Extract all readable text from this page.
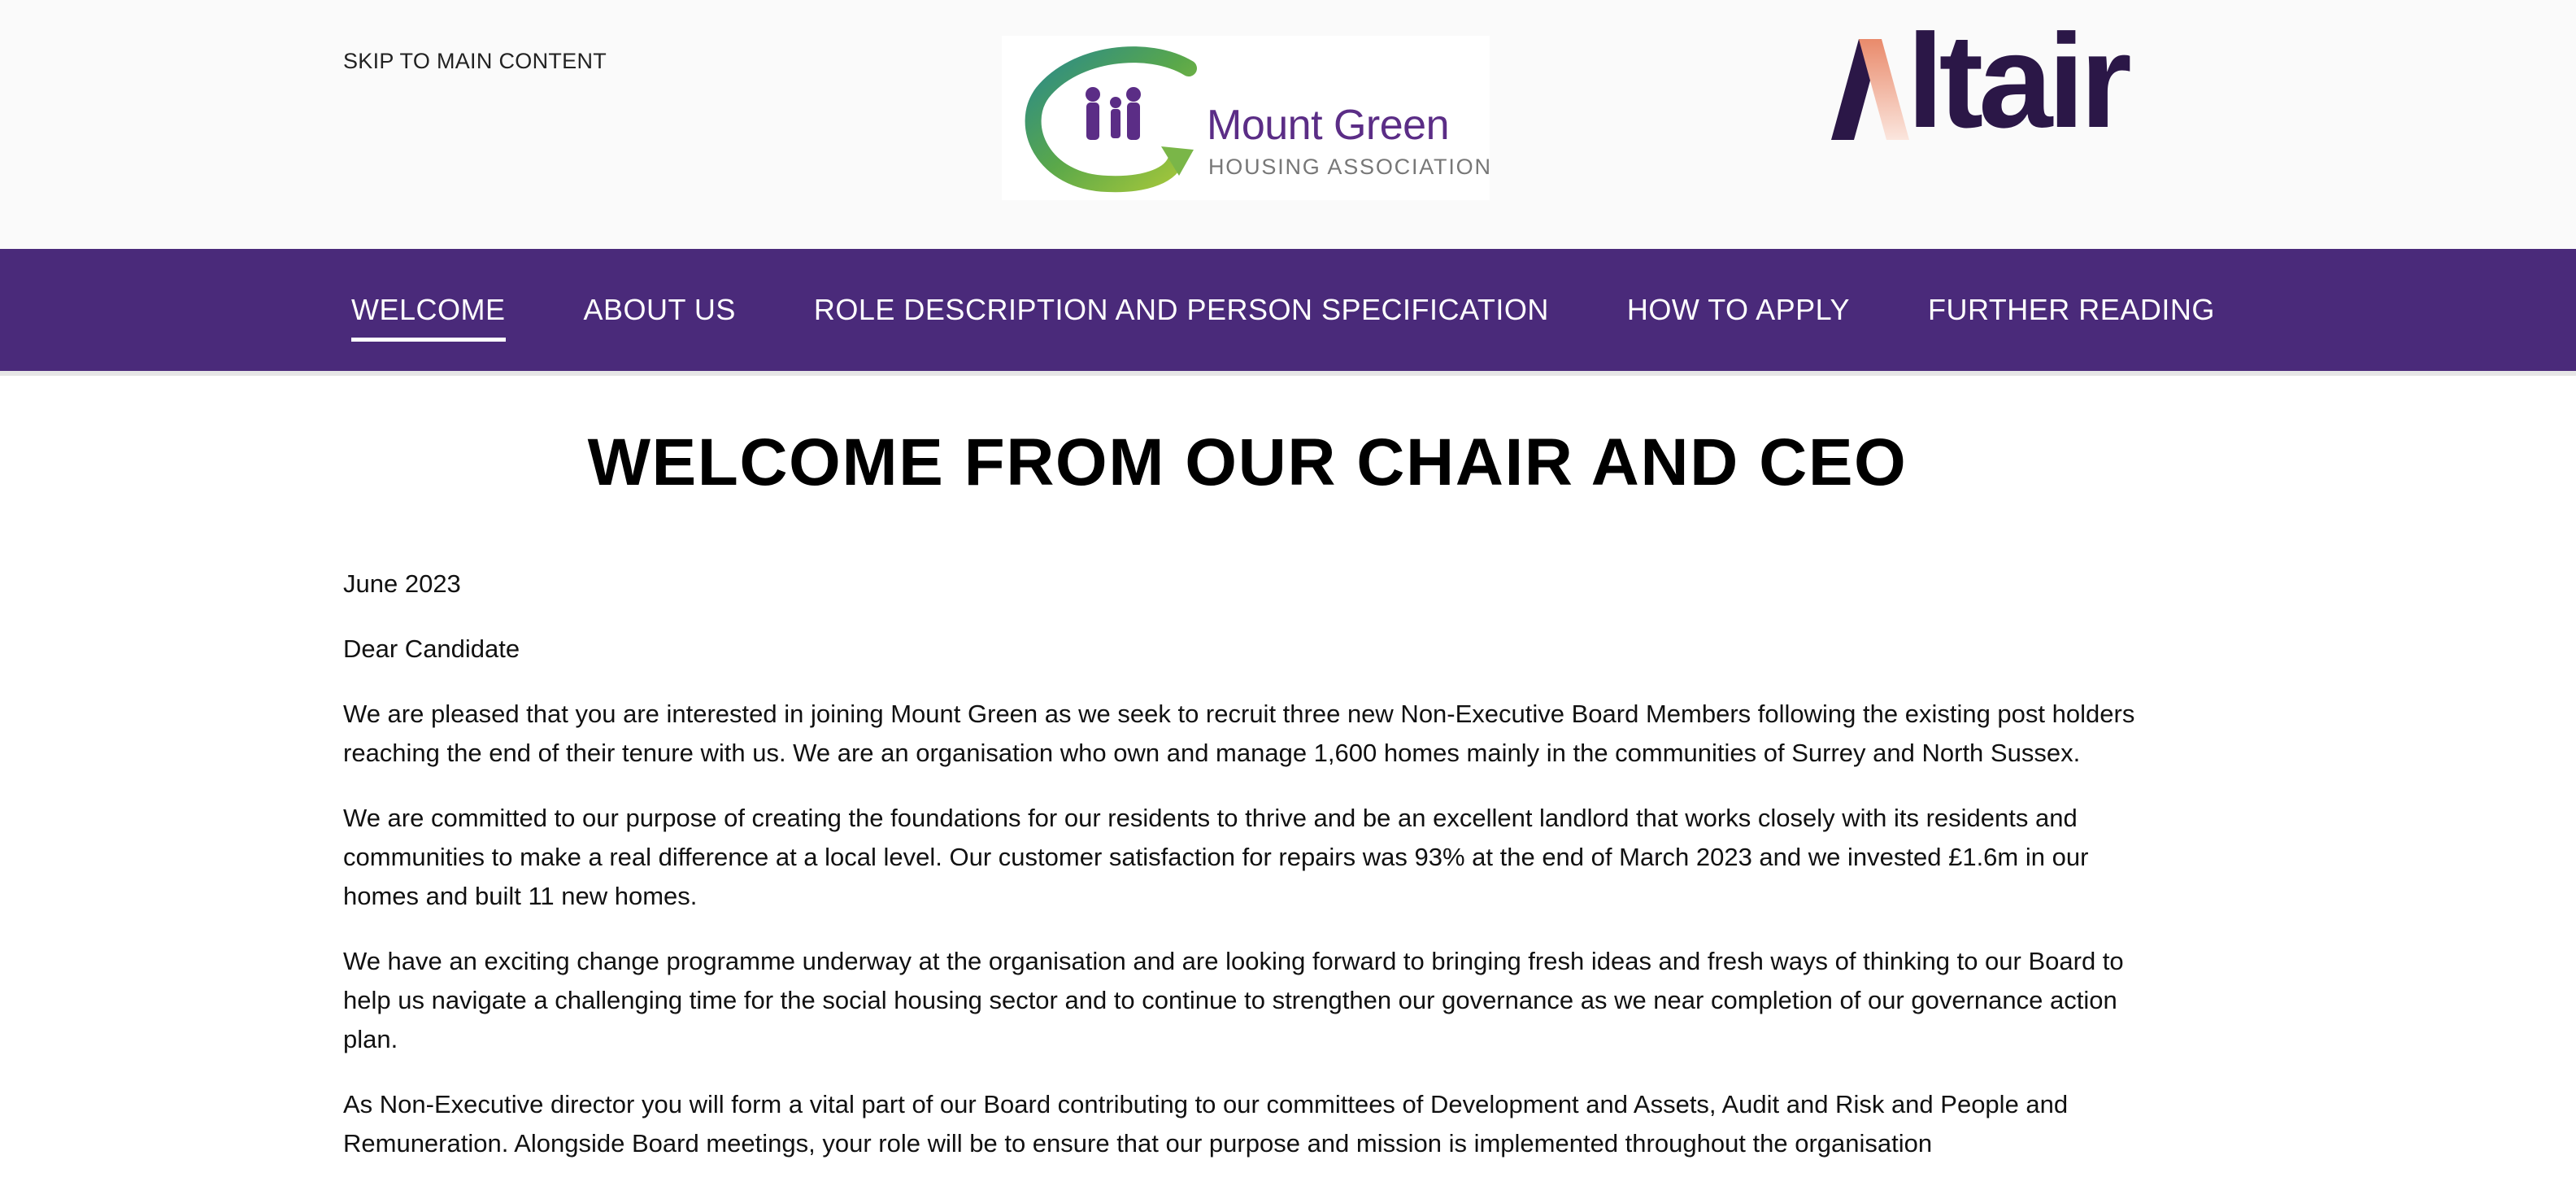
SKIP TO MAIN CONTENT
Mount Green
HOUSING ASSOCIATION
ltair
WELCOME	ABOUT US	ROLE DESCRIPTION AND PERSON SPECIFICATION	HOW TO APPLY	FURTHER READING
WELCOME FROM OUR CHAIR AND CEO

June 2023

Dear Candidate

We are pleased that you are interested in joining Mount Green as we seek to recruit three new Non-Executive Board Members following the existing post holders reaching the end of their tenure with us. We are an organisation who own and manage 1,600 homes mainly in the communities of Surrey and North Sussex.

We are committed to our purpose of creating the foundations for our residents to thrive and be an excellent landlord that works closely with its residents and communities to make a real difference at a local level. Our customer satisfaction for repairs was 93% at the end of March 2023 and we invested £1.6m in our homes and built 11 new homes.

We have an exciting change programme underway at the organisation and are looking forward to bringing fresh ideas and fresh ways of thinking to our Board to help us navigate a challenging time for the social housing sector and to continue to strengthen our governance as we near completion of our governance action plan.

As Non-Executive director you will form a vital part of our Board contributing to our committees of Development and Assets, Audit and Risk and People and Remuneration. Alongside Board meetings, your role will be to ensure that our purpose and mission is implemented throughout the organisation
